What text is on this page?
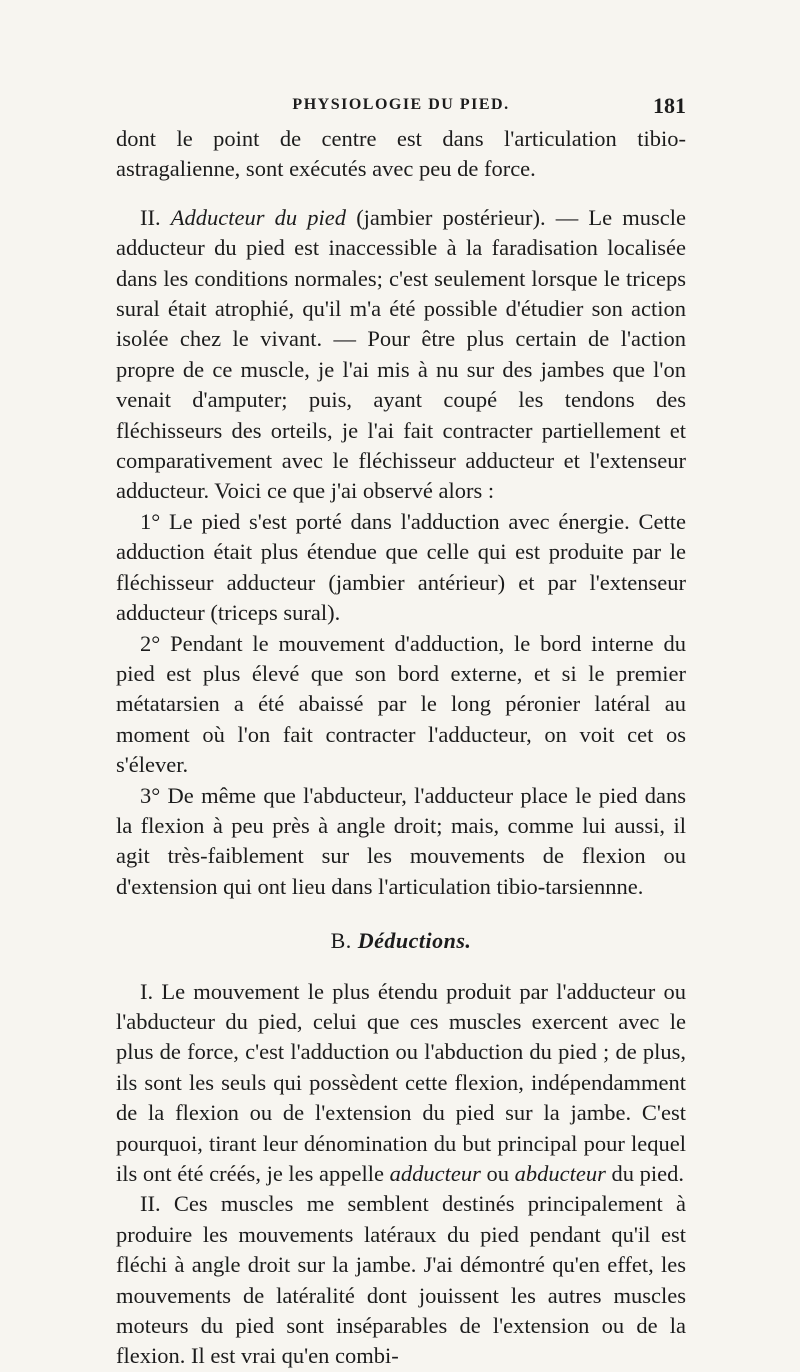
PHYSIOLOGIE DU PIED.	181

dont le point de centre est dans l'articulation tibio-astragalienne, sont exécutés avec peu de force.

II. Adducteur du pied (jambier postérieur). — Le muscle adducteur du pied est inaccessible à la faradisation localisée dans les conditions normales; c'est seulement lorsque le triceps sural était atrophié, qu'il m'a été possible d'étudier son action isolée chez le vivant. — Pour être plus certain de l'action propre de ce muscle, je l'ai mis à nu sur des jambes que l'on venait d'amputer; puis, ayant coupé les tendons des fléchisseurs des orteils, je l'ai fait contracter partiellement et comparativement avec le fléchisseur adducteur et l'extenseur adducteur. Voici ce que j'ai observé alors :

1° Le pied s'est porté dans l'adduction avec énergie. Cette adduction était plus étendue que celle qui est produite par le fléchisseur adducteur (jambier antérieur) et par l'extenseur adducteur (triceps sural).

2° Pendant le mouvement d'adduction, le bord interne du pied est plus élevé que son bord externe, et si le premier métatarsien a été abaissé par le long péronier latéral au moment où l'on fait contracter l'adducteur, on voit cet os s'élever.

3° De même que l'abducteur, l'adducteur place le pied dans la flexion à peu près à angle droit; mais, comme lui aussi, il agit très-faiblement sur les mouvements de flexion ou d'extension qui ont lieu dans l'articulation tibio-tarsiennne.

B. Déductions.

I. Le mouvement le plus étendu produit par l'adducteur ou l'abducteur du pied, celui que ces muscles exercent avec le plus de force, c'est l'adduction ou l'abduction du pied ; de plus, ils sont les seuls qui possèdent cette flexion, indépendamment de la flexion ou de l'extension du pied sur la jambe. C'est pourquoi, tirant leur dénomination du but principal pour lequel ils ont été créés, je les appelle adducteur ou abducteur du pied.

II. Ces muscles me semblent destinés principalement à produire les mouvements latéraux du pied pendant qu'il est fléchi à angle droit sur la jambe. J'ai démontré qu'en effet, les mouvements de latéralité dont jouissent les autres muscles moteurs du pied sont inséparables de l'extension ou de la flexion. Il est vrai qu'en combi-
